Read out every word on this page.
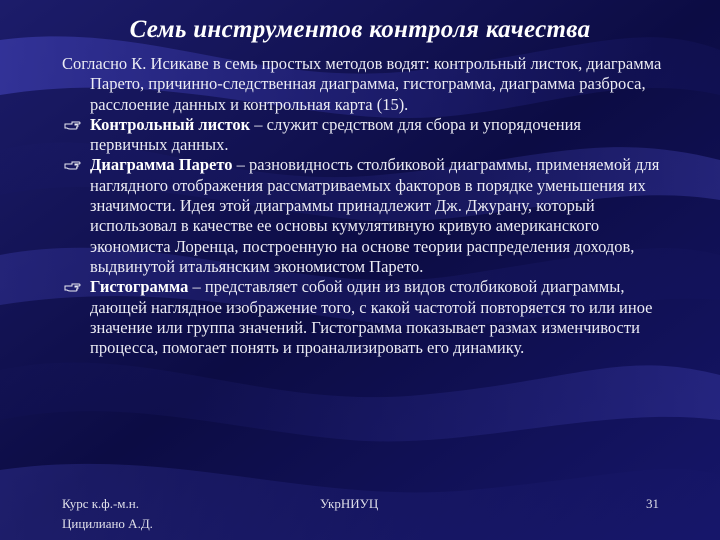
Семь инструментов контроля качества

Согласно К. Исикаве в семь простых методов водят: контрольный листок, диаграмма Парето, причинно-следственная диаграмма, гистограмма, диаграмма разброса, расслоение данных и контрольная карта (15).

Контрольный листок – служит средством для сбора и упорядочения первичных данных.
Диаграмма Парето – разновидность столбиковой диаграммы, применяемой для наглядного отображения рассматриваемых факторов в порядке уменьшения их значимости. Идея этой диаграммы принадлежит Дж. Джурану, который использовал в качестве ее основы кумулятивную кривую американского экономиста Лоренца, построенную на основе теории распределения доходов, выдвинутой итальянским экономистом Парето.
Гистограмма – представляет собой один из видов столбиковой диаграммы, дающей наглядное изображение того, с какой частотой повторяется то или иное значение или группа значений. Гистограмма показывает размах изменчивости процесса, помогает понять и проанализировать его динамику.
Курс к.ф.-м.н.
Цицилиано А.Д.
УкрНИУЦ	31
